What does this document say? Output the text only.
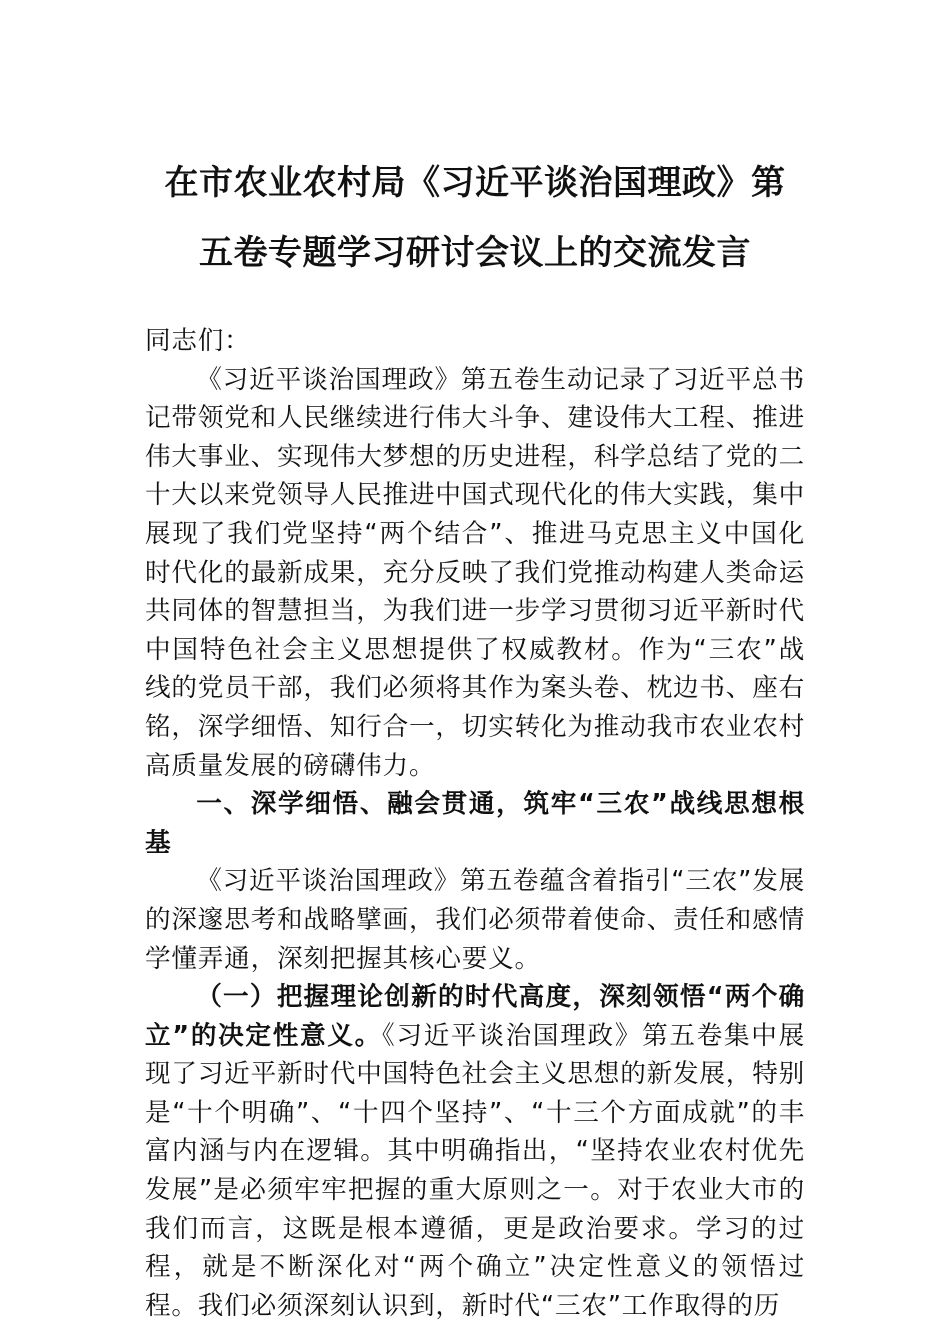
在市农业农村局《习近平谈治国理政》第
五卷专题学习研讨会议上的交流发言

同志们：

《习近平谈治国理政》第五卷生动记录了习近平总书记带领党和人民继续进行伟大斗争、建设伟大工程、推进伟大事业、实现伟大梦想的历史进程，科学总结了党的二十大以来党领导人民推进中国式现代化的伟大实践，集中展现了我们党坚持“两个结合”、推进马克思主义中国化时代化的最新成果，充分反映了我们党推动构建人类命运共同体的智慧担当，为我们进一步学习贯彻习近平新时代中国特色社会主义思想提供了权威教材。作为“三农”战线的党员干部，我们必须将其作为案头卷、枕边书、座右铭，深学细悟、知行合一，切实转化为推动我市农业农村高质量发展的磅礴伟力。

一、深学细悟、融会贯通，筑牢“三农”战线思想根基

《习近平谈治国理政》第五卷蕴含着指引“三农”发展的深邃思考和战略擘画，我们必须带着使命、责任和感情学懂弄通，深刻把握其核心要义。

（一）把握理论创新的时代高度，深刻领悟“两个确立”的决定性意义。《习近平谈治国理政》第五卷集中展现了习近平新时代中国特色社会主义思想的新发展，特别是“十个明确”、“十四个坚持”、“十三个方面成就”的丰富内涵与内在逻辑。其中明确指出，“坚持农业农村优先发展”是必须牢牢把握的重大原则之一。对于农业大市的我们而言，这既是根本遵循，更是政治要求。学习的过程，就是不断深化对“两个确立”决定性意义的领悟过程。我们必须深刻认识到，新时代“三农”工作取得的历
